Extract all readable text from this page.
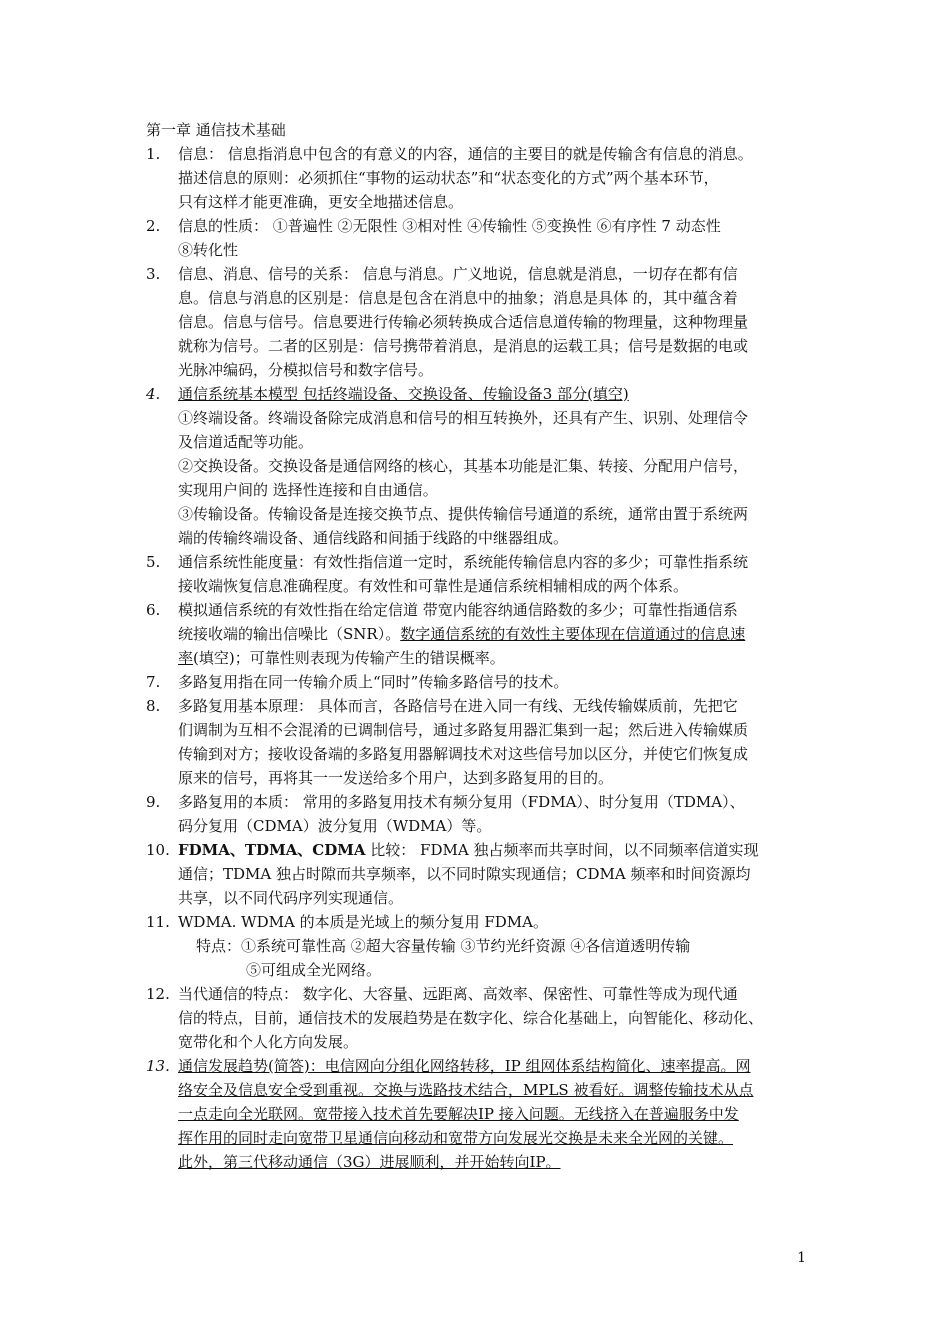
第一章 通信技术基础
1. 信息： 信息指消息中包含的有意义的内容，通信的主要目的就是传输含有信息的消息。
描述信息的原则：必须抓住“事物的运动状态”和“状态变化的方式”两个基本环节，
只有这样才能更准确，更安全地描述信息。
2. 信息的性质： ①普遍性 ②无限性 ③相对性 ④传输性 ⑤变换性 ⑥有序性 7 动态性
⑧转化性
3. 信息、消息、信号的关系： 信息与消息。广义地说，信息就是消息，一切存在都有信
息。信息与消息的区别是：信息是包含在消息中的抽象；消息是具体 的，其中蕴含着
信息。信息与信号。信息要进行传输必须转换成合适信息道传输的物理量，这种物理量
就称为信号。二者的区别是：信号携带着消息，是消息的运载工具；信号是数据的电或
光脉冲编码，分模拟信号和数字信号。
4. 通信系统基本模型 包括终端设备、交换设备、传输设备3 部分(填空)
①终端设备。终端设备除完成消息和信号的相互转换外，还具有产生、识别、处理信令
及信道适配等功能。
②交换设备。交换设备是通信网络的核心，其基本功能是汇集、转接、分配用户信号，
实现用户间的 选择性连接和自由通信。
③传输设备。传输设备是连接交换节点、提供传输信号通道的系统，通常由置于系统两
端的传输终端设备、通信线路和间插于线路的中继器组成。
5. 通信系统性能度量：有效性指信道一定时，系统能传输信息内容的多少；可靠性指系统
接收端恢复信息准确程度。有效性和可靠性是通信系统相辅相成的两个体系。
6. 模拟通信系统的有效性指在给定信道 带宽内能容纳通信路数的多少；可靠性指通信系
统接收端的输出信噪比（SNR）。数字通信系统的有效性主要体现在信道通过的信息速
率(填空)；可靠性则表现为传输产生的错误概率。
7. 多路复用指在同一传输介质上“同时”传输多路信号的技术。
8. 多路复用基本原理： 具体而言，各路信号在进入同一有线、无线传输媒质前，先把它
们调制为互相不会混淆的已调制信号，通过多路复用器汇集到一起；然后进入传输媒质
传输到对方；接收设备端的多路复用器解调技术对这些信号加以区分，并使它们恢复成
原来的信号，再将其一一发送给多个用户，达到多路复用的目的。
9. 多路复用的本质： 常用的多路复用技术有频分复用（FDMA）、时分复用（TDMA）、
码分复用（CDMA）波分复用（WDMA）等。
10. FDMA、TDMA、CDMA 比较： FDMA 独占频率而共享时间，以不同频率信道实现
通信；TDMA 独占时隙而共享频率，以不同时隙实现通信；CDMA 频率和时间资源均
共享，以不同代码序列实现通信。
11. WDMA. WDMA 的本质是光域上的频分复用 FDMA。
特点：①系统可靠性高 ②超大容量传输 ③节约光纤资源 ④各信道透明传输
⑤可组成全光网络。
12. 当代通信的特点： 数字化、大容量、远距离、高效率、保密性、可靠性等成为现代通
信的特点，目前，通信技术的发展趋势是在数字化、综合化基础上，向智能化、移动化、
宽带化和个人化方向发展。
13. 通信发展趋势(简答)：电信网向分组化网络转移，IP 组网体系结构简化、速率提高。网
络安全及信息安全受到重视。交换与选路技术结合，MPLS 被看好。调整传输技术从点
一点走向全光联网。宽带接入技术首先要解决IP 接入问题。无线挤入在普遍服务中发
挥作用的同时走向宽带卫星通信向移动和宽带方向发展光交换是未来全光网的关键。
此外，第三代移动通信（3G）进展顺利，并开始转向IP。
1
